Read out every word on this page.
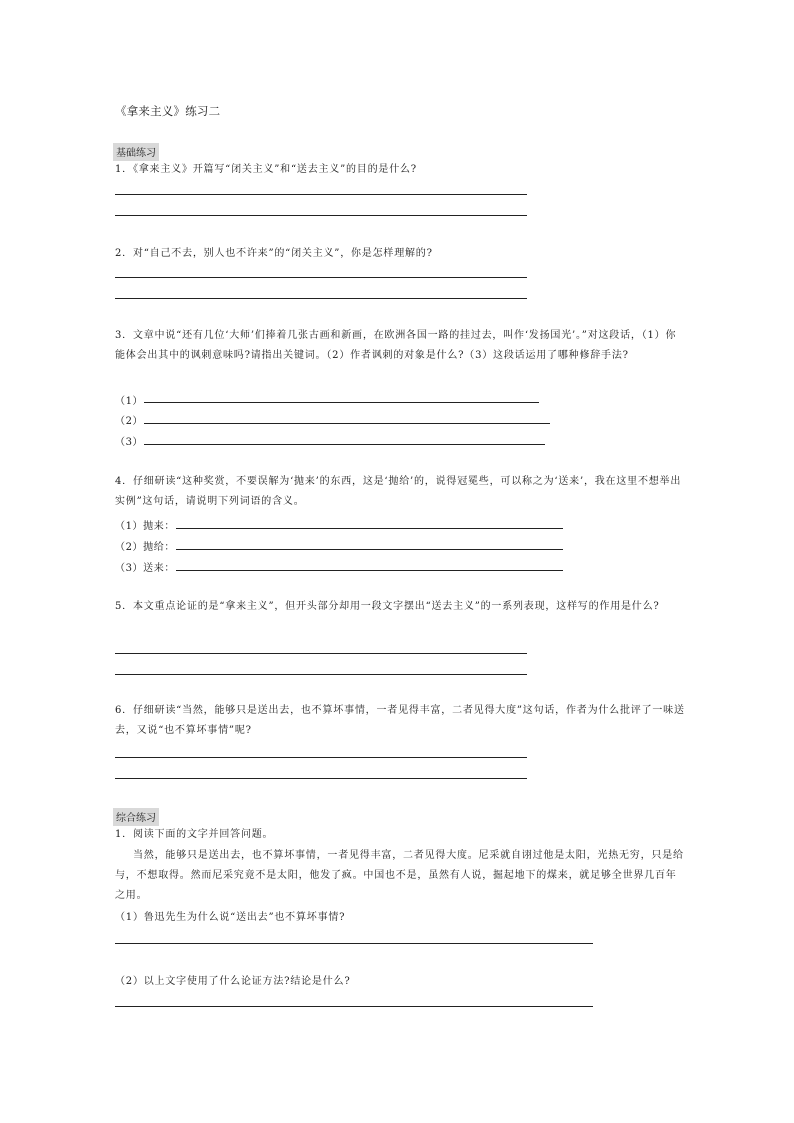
《拿来主义》练习二
基础练习
1．《拿来主义》开篇写“闭关主义”和“送去主义”的目的是什么?
2．对“自己不去，别人也不许来”的“闭关主义”，你是怎样理解的?
3．文章中说“还有几位‘大师’们捧着几张古画和新画，在欧洲各国一路的挂过去，叫作‘发扬国光’。”对这段话，（1）你能体会出其中的讽刺意味吗?请指出关键词。（2）作者讽刺的对象是什么?（3）这段话运用了哪种修辞手法?
（1）
（2）
（3）
4．仔细研读“这种奖赏，不要误解为‘抛来’的东西，这是‘抛给’的，说得冠冕些，可以称之为‘送来’，我在这里不想举出实例”这句话，请说明下列词语的含义。
（1）抛来：
（2）抛给：
（3）送来：
5．本文重点论证的是“拿来主义”，但开头部分却用一段文字摆出“送去主义”的一系列表现，这样写的作用是什么?
6．仔细研读“当然，能够只是送出去，也不算坏事情，一者见得丰富，二者见得大度”这句话，作者为什么批评了一味送去，又说“也不算坏事情”呢?
综合练习
1．阅读下面的文字并回答问题。
当然，能够只是送出去，也不算坏事情，一者见得丰富，二者见得大度。尼采就自诩过他是太阳，光热无穷，只是给与，不想取得。然而尼采究竟不是太阳，他发了疯。中国也不是，虽然有人说，掘起地下的煤来，就足够全世界几百年之用。
（1）鲁迅先生为什么说“送出去”也不算坏事情?
（2）以上文字使用了什么论证方法?结论是什么?
